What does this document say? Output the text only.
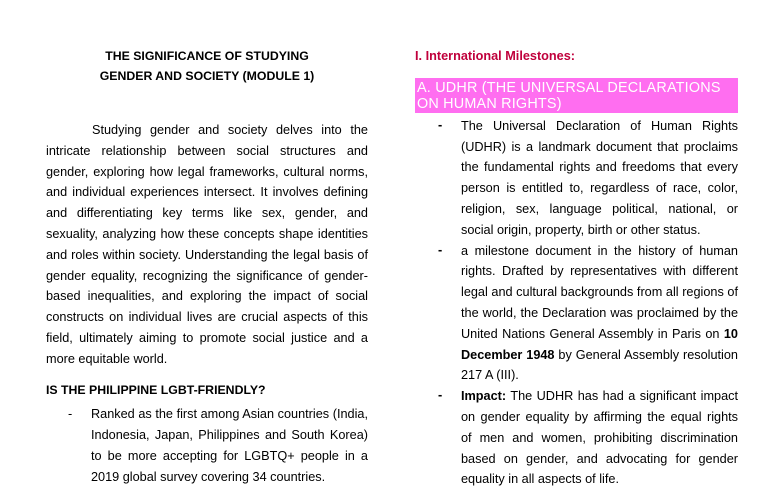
THE SIGNIFICANCE OF STUDYING
GENDER AND SOCIETY (MODULE 1)

Studying gender and society delves into the intricate relationship between social structures and gender, exploring how legal frameworks, cultural norms, and individual experiences intersect. It involves defining and differentiating key terms like sex, gender, and sexuality, analyzing how these concepts shape identities and roles within society. Understanding the legal basis of gender equality, recognizing the significance of gender-based inequalities, and exploring the impact of social constructs on individual lives are crucial aspects of this field, ultimately aiming to promote social justice and a more equitable world.

IS THE PHILIPPINE LGBT-FRIENDLY?

- Ranked as the first among Asian countries (India, Indonesia, Japan, Philippines and South Korea) to be more accepting for LGBTQ+ people in a 2019 global survey covering 34 countries.

I. International Milestones:

A. UDHR (THE UNIVERSAL DECLARATIONS ON HUMAN RIGHTS)
- The Universal Declaration of Human Rights (UDHR) is a landmark document that proclaims the fundamental rights and freedoms that every person is entitled to, regardless of race, color, religion, sex, language political, national, or social origin, property, birth or other status.
- a milestone document in the history of human rights. Drafted by representatives with different legal and cultural backgrounds from all regions of the world, the Declaration was proclaimed by the United Nations General Assembly in Paris on 10 December 1948 by General Assembly resolution 217 A (III).
- Impact: The UDHR has had a significant impact on gender equality by affirming the equal rights of men and women, prohibiting discrimination based on gender, and advocating for gender equality in all aspects of life.
